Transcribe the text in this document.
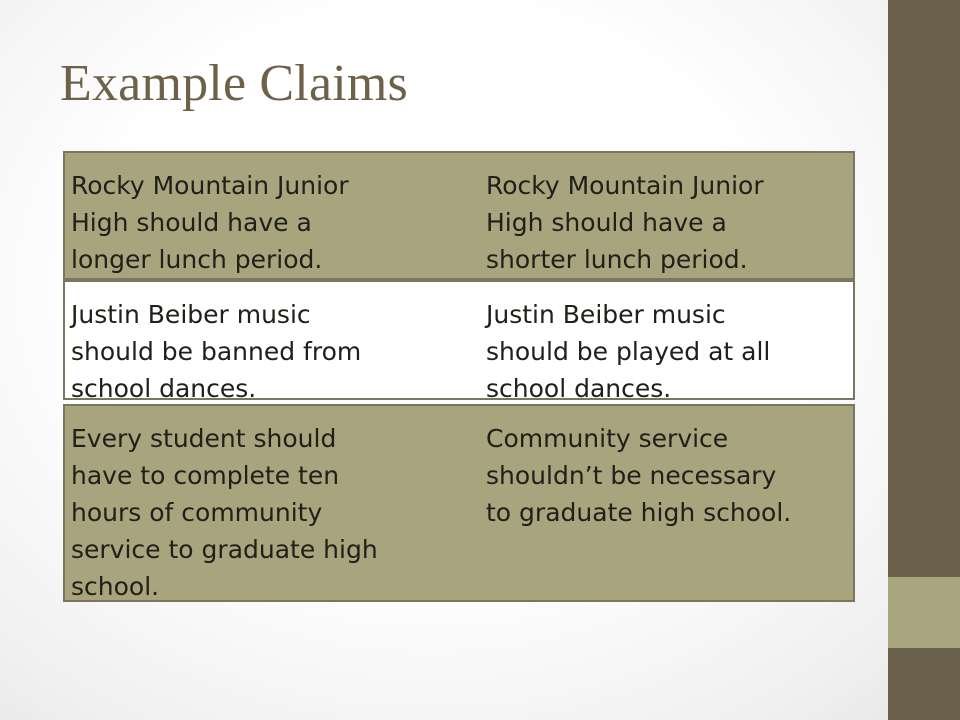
Example Claims
Rocky Mountain Junior
High should have a
longer lunch period.
Rocky Mountain Junior
High should have a
shorter lunch period.
Justin Beiber music
should be banned from
school dances.
Justin Beiber music
should be played at all
school dances.
Every student should
have to complete ten
hours of community
service to graduate high
school.
Community service
shouldn’t be necessary
to graduate high school.
